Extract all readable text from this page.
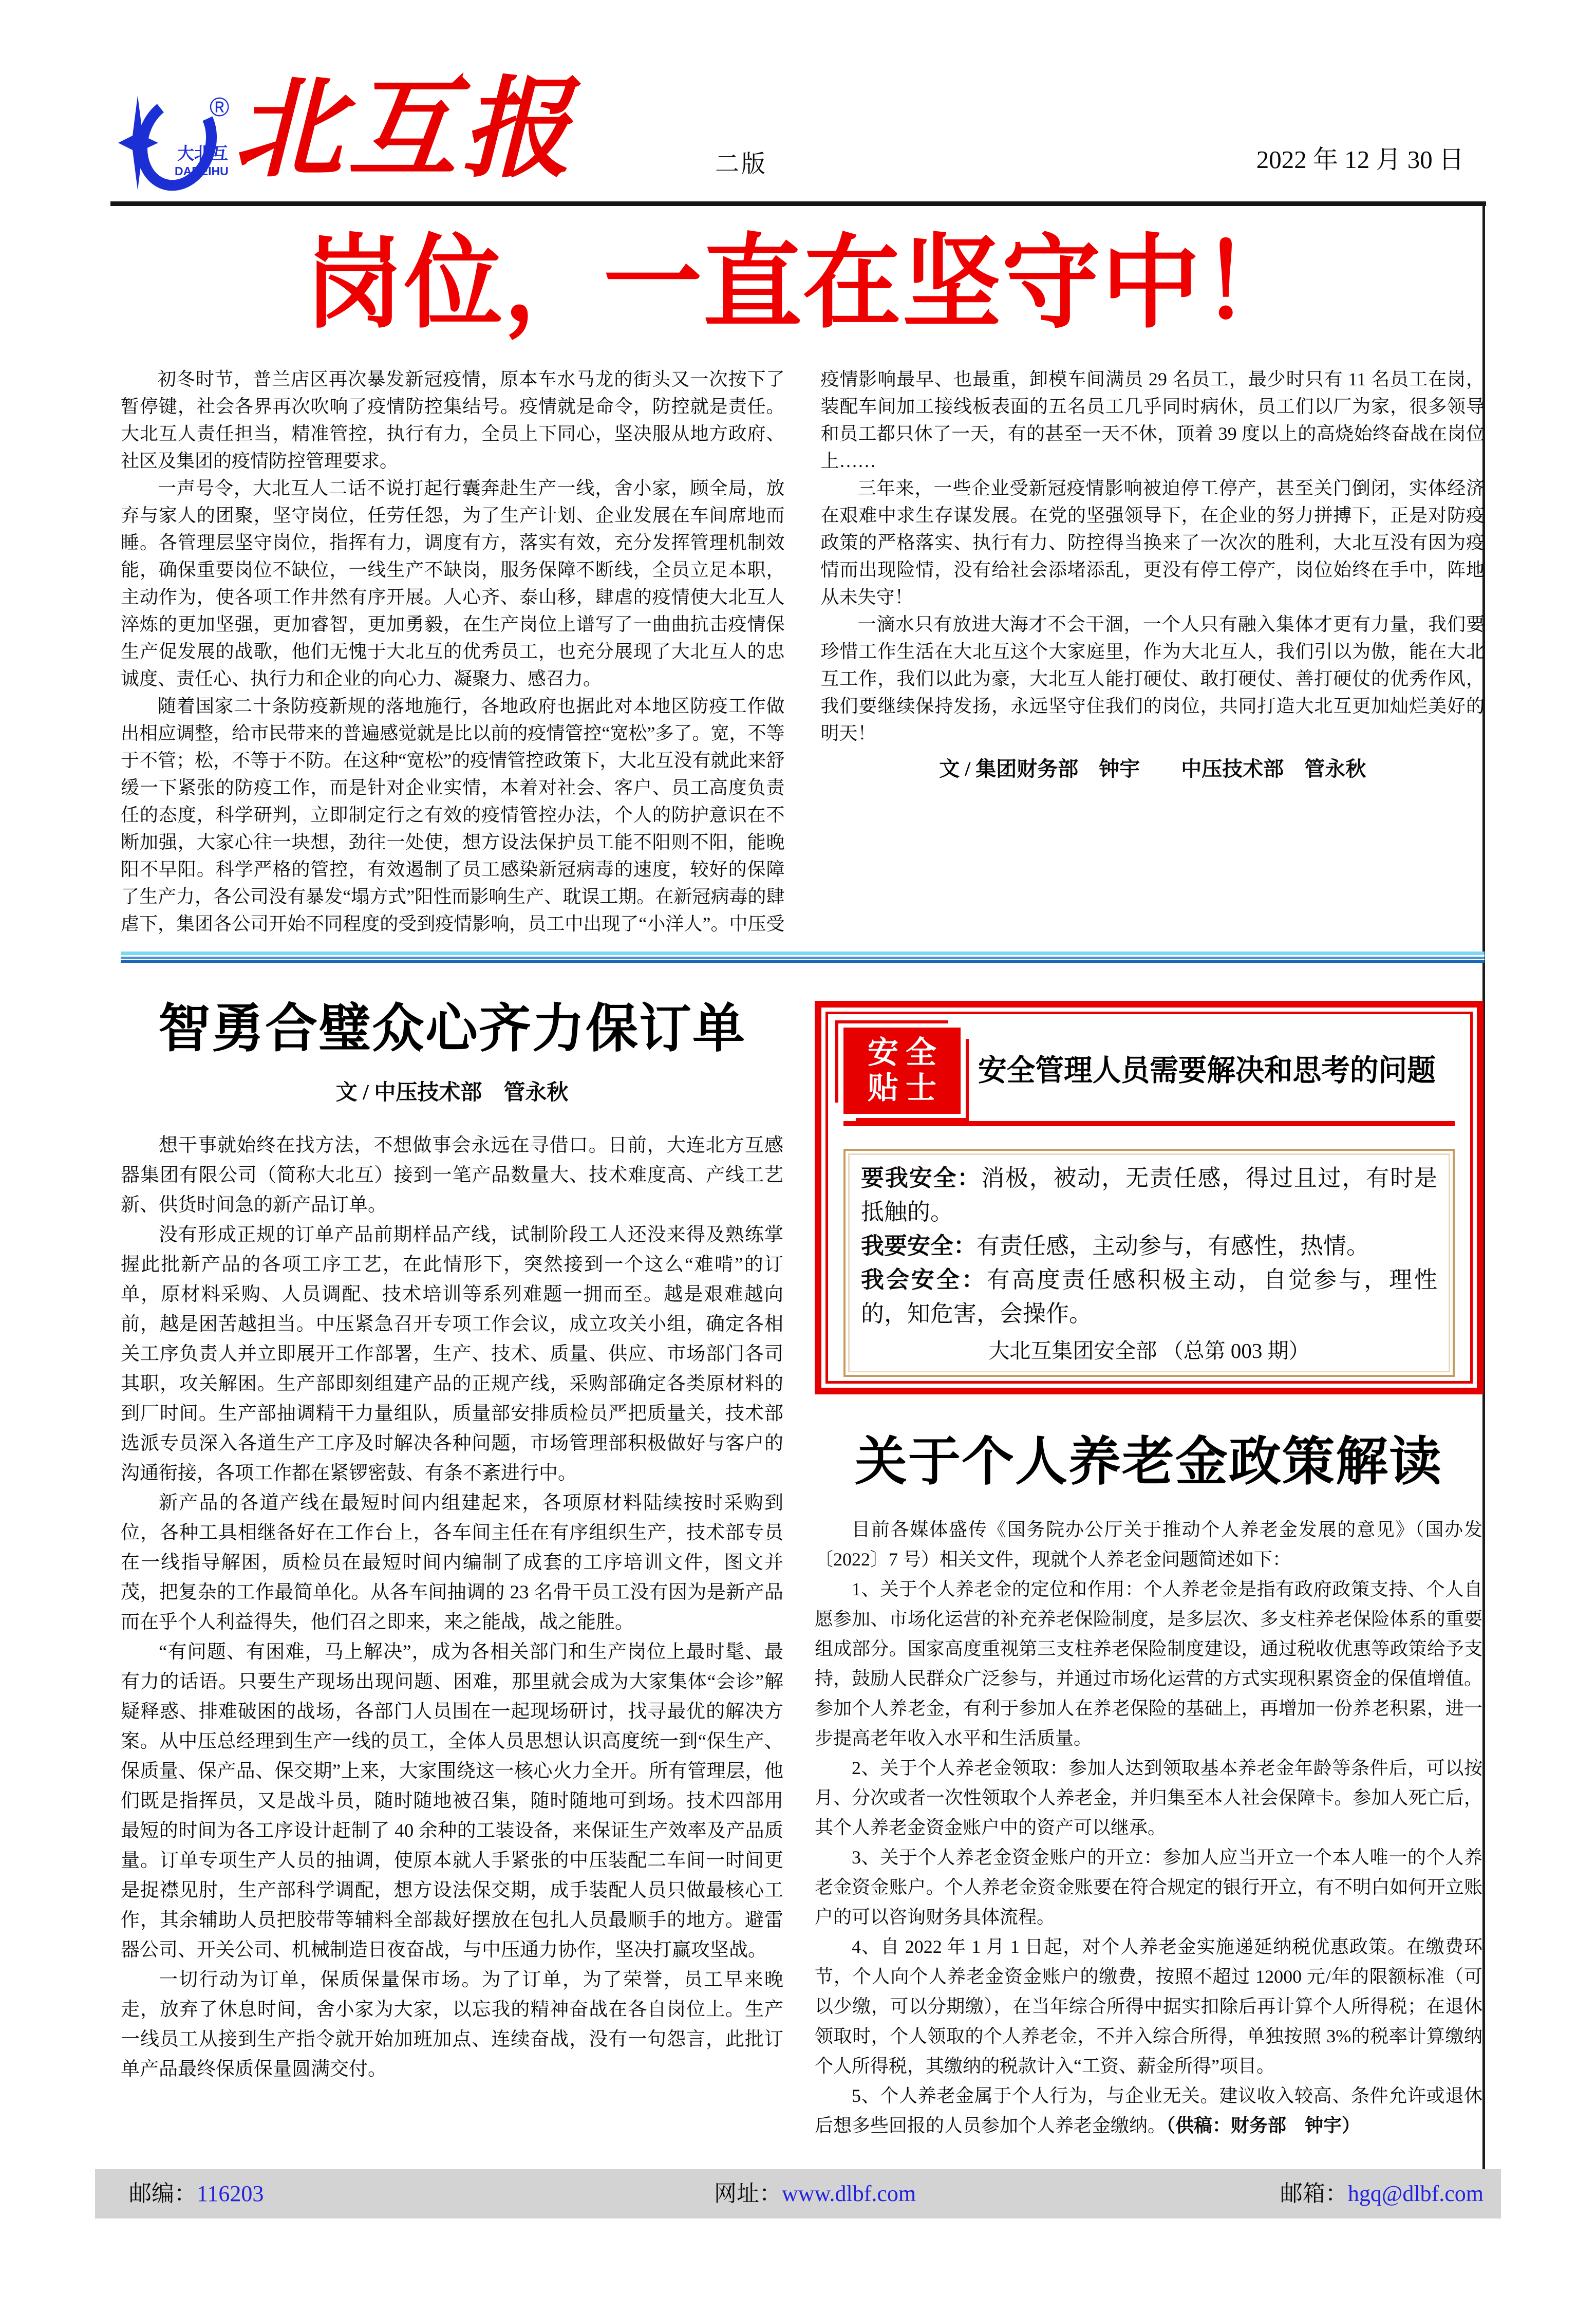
大北互
DABEIHU
® 北互报	二版	2022 年 12 月 30 日
岗位，一直在坚守中！

初冬时节，普兰店区再次暴发新冠疫情，原本车水马龙的街头又一次按下了暂停键，社会各界再次吹响了疫情防控集结号。疫情就是命令，防控就是责任。大北互人责任担当，精准管控，执行有力，全员上下同心，坚决服从地方政府、社区及集团的疫情防控管理要求。

一声号令，大北互人二话不说打起行囊奔赴生产一线，舍小家，顾全局，放弃与家人的团聚，坚守岗位，任劳任怨，为了生产计划、企业发展在车间席地而睡。各管理层坚守岗位，指挥有力，调度有方，落实有效，充分发挥管理机制效能，确保重要岗位不缺位，一线生产不缺岗，服务保障不断线，全员立足本职，主动作为，使各项工作井然有序开展。人心齐、泰山移，肆虐的疫情使大北互人淬炼的更加坚强，更加睿智，更加勇毅，在生产岗位上谱写了一曲曲抗击疫情保生产促发展的战歌，他们无愧于大北互的优秀员工，也充分展现了大北互人的忠诚度、责任心、执行力和企业的向心力、凝聚力、感召力。

随着国家二十条防疫新规的落地施行，各地政府也据此对本地区防疫工作做出相应调整，给市民带来的普遍感觉就是比以前的疫情管控“宽松”多了。宽，不等于不管；松，不等于不防。在这种“宽松”的疫情管控政策下，大北互没有就此来舒缓一下紧张的防疫工作，而是针对企业实情，本着对社会、客户、员工高度负责任的态度，科学研判，立即制定行之有效的疫情管控办法，个人的防护意识在不断加强，大家心往一块想，劲往一处使，想方设法保护员工能不阳则不阳，能晚阳不早阳。科学严格的管控，有效遏制了员工感染新冠病毒的速度，较好的保障了生产力，各公司没有暴发“塌方式”阳性而影响生产、耽误工期。在新冠病毒的肆虐下，集团各公司开始不同程度的受到疫情影响，员工中出现了“小洋人”。中压受疫情影响最早、也最重，卸模车间满员 29 名员工，最少时只有 11 名员工在岗，装配车间加工接线板表面的五名员工几乎同时病休，员工们以厂为家，很多领导和员工都只休了一天，有的甚至一天不休，顶着 39 度以上的高烧始终奋战在岗位上……

三年来，一些企业受新冠疫情影响被迫停工停产，甚至关门倒闭，实体经济在艰难中求生存谋发展。在党的坚强领导下，在企业的努力拼搏下，正是对防疫政策的严格落实、执行有力、防控得当换来了一次次的胜利，大北互没有因为疫情而出现险情，没有给社会添堵添乱，更没有停工停产，岗位始终在手中，阵地从未失守！

一滴水只有放进大海才不会干涸，一个人只有融入集体才更有力量，我们要珍惜工作生活在大北互这个大家庭里，作为大北互人，我们引以为傲，能在大北互工作，我们以此为豪，大北互人能打硬仗、敢打硬仗、善打硬仗的优秀作风，我们要继续保持发扬，永远坚守住我们的岗位，共同打造大北互更加灿烂美好的明天！

文 / 集团财务部　钟宇　　中压技术部　管永秋

智勇合璧众心齐力保订单
文 / 中压技术部　管永秋

想干事就始终在找方法，不想做事会永远在寻借口。日前，大连北方互感器集团有限公司（简称大北互）接到一笔产品数量大、技术难度高、产线工艺新、供货时间急的新产品订单。

没有形成正规的订单产品前期样品产线，试制阶段工人还没来得及熟练掌握此批新产品的各项工序工艺，在此情形下，突然接到一个这么“难啃”的订单，原材料采购、人员调配、技术培训等系列难题一拥而至。越是艰难越向前，越是困苦越担当。中压紧急召开专项工作会议，成立攻关小组，确定各相关工序负责人并立即展开工作部署，生产、技术、质量、供应、市场部门各司其职，攻关解困。生产部即刻组建产品的正规产线，采购部确定各类原材料的到厂时间。生产部抽调精干力量组队，质量部安排质检员严把质量关，技术部选派专员深入各道生产工序及时解决各种问题，市场管理部积极做好与客户的沟通衔接，各项工作都在紧锣密鼓、有条不紊进行中。

新产品的各道产线在最短时间内组建起来，各项原材料陆续按时采购到位，各种工具相继备好在工作台上，各车间主任在有序组织生产，技术部专员在一线指导解困，质检员在最短时间内编制了成套的工序培训文件，图文并茂，把复杂的工作最简单化。从各车间抽调的 23 名骨干员工没有因为是新产品而在乎个人利益得失，他们召之即来，来之能战，战之能胜。

“有问题、有困难，马上解决”，成为各相关部门和生产岗位上最时髦、最有力的话语。只要生产现场出现问题、困难，那里就会成为大家集体“会诊”解疑释惑、排难破困的战场，各部门人员围在一起现场研讨，找寻最优的解决方案。从中压总经理到生产一线的员工，全体人员思想认识高度统一到“保生产、保质量、保产品、保交期”上来，大家围绕这一核心火力全开。所有管理层，他们既是指挥员，又是战斗员，随时随地被召集，随时随地可到场。技术四部用最短的时间为各工序设计赶制了 40 余种的工装设备，来保证生产效率及产品质量。订单专项生产人员的抽调，使原本就人手紧张的中压装配二车间一时间更是捉襟见肘，生产部科学调配，想方设法保交期，成手装配人员只做最核心工作，其余辅助人员把胶带等辅料全部裁好摆放在包扎人员最顺手的地方。避雷器公司、开关公司、机械制造日夜奋战，与中压通力协作，坚决打赢攻坚战。

一切行动为订单，保质保量保市场。为了订单，为了荣誉，员工早来晚走，放弃了休息时间，舍小家为大家，以忘我的精神奋战在各自岗位上。生产一线员工从接到生产指令就开始加班加点、连续奋战，没有一句怨言，此批订单产品最终保质保量圆满交付。

安全
贴士 安全管理人员需要解决和思考的问题

要我安全：消极，被动，无责任感，得过且过，有时是抵触的。

我要安全：有责任感，主动参与，有感性，热情。

我会安全：有高度责任感积极主动，自觉参与，理性的，知危害，会操作。

大北互集团安全部 （总第 003 期）

关于个人养老金政策解读

目前各媒体盛传《国务院办公厅关于推动个人养老金发展的意见》（国办发〔2022〕7 号）相关文件，现就个人养老金问题简述如下：

1、关于个人养老金的定位和作用：个人养老金是指有政府政策支持、个人自愿参加、市场化运营的补充养老保险制度，是多层次、多支柱养老保险体系的重要组成部分。国家高度重视第三支柱养老保险制度建设，通过税收优惠等政策给予支持，鼓励人民群众广泛参与，并通过市场化运营的方式实现积累资金的保值增值。参加个人养老金，有利于参加人在养老保险的基础上，再增加一份养老积累，进一步提高老年收入水平和生活质量。

2、关于个人养老金领取：参加人达到领取基本养老金年龄等条件后，可以按月、分次或者一次性领取个人养老金，并归集至本人社会保障卡。参加人死亡后，其个人养老金资金账户中的资产可以继承。

3、关于个人养老金资金账户的开立：参加人应当开立一个本人唯一的个人养老金资金账户。个人养老金资金账要在符合规定的银行开立，有不明白如何开立账户的可以咨询财务具体流程。

4、自 2022 年 1 月 1 日起，对个人养老金实施递延纳税优惠政策。在缴费环节，个人向个人养老金资金账户的缴费，按照不超过 12000 元/年的限额标准（可以少缴，可以分期缴），在当年综合所得中据实扣除后再计算个人所得税；在退休领取时，个人领取的个人养老金，不并入综合所得，单独按照 3%的税率计算缴纳个人所得税，其缴纳的税款计入“工资、薪金所得”项目。

5、个人养老金属于个人行为，与企业无关。建议收入较高、条件允许或退休后想多些回报的人员参加个人养老金缴纳。（供稿：财务部　钟宇）

邮编：116203	网址：www.dlbf.com	邮箱：hgq@dlbf.com
